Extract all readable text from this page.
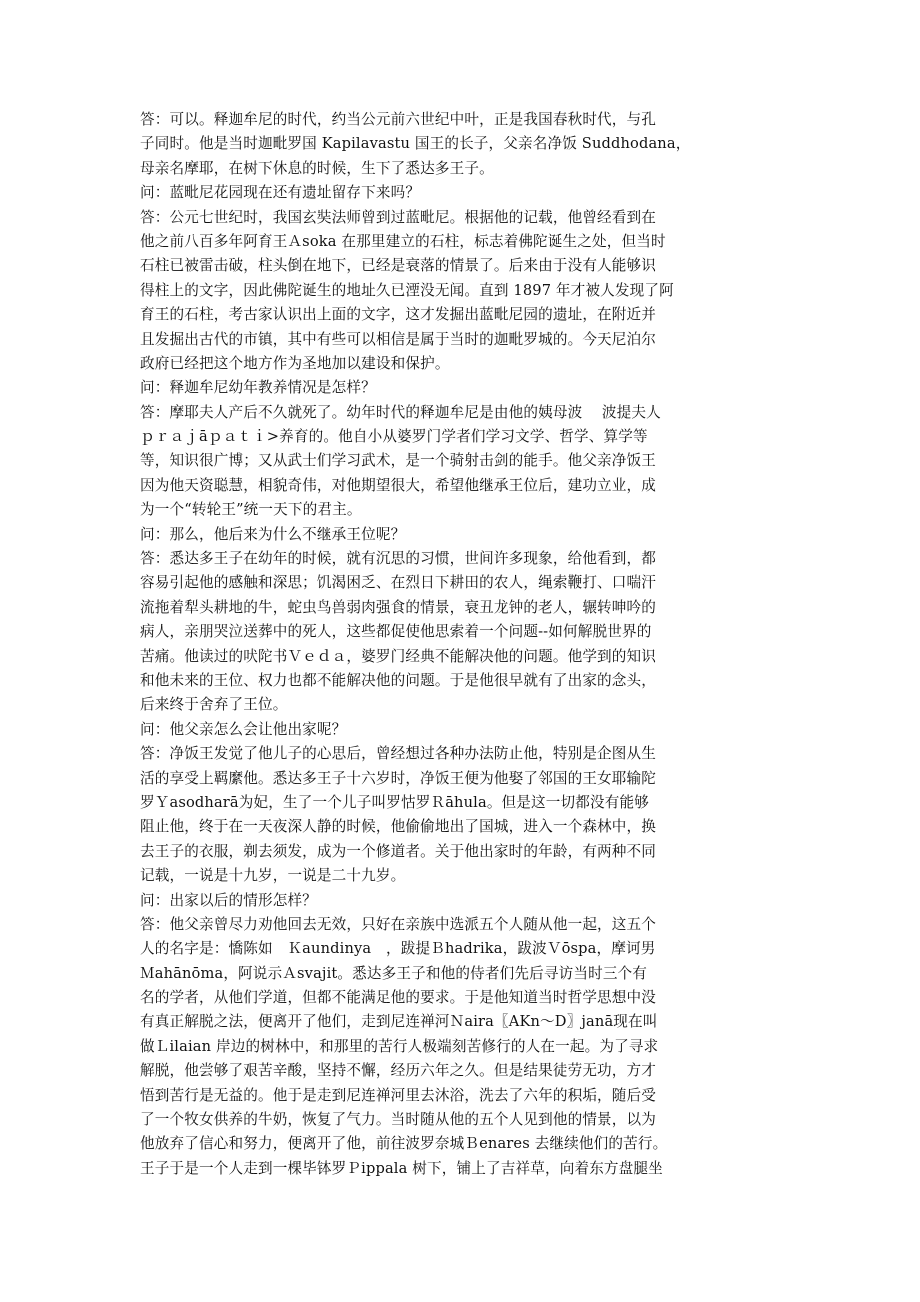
答：可以。释迦牟尼的时代，约当公元前六世纪中叶，正是我国春秋时代，与孔
子同时。他是当时迦毗罗国 Kapilavastu 国王的长子，父亲名净饭 Suddhodana，
母亲名摩耶，在树下休息的时候，生下了悉达多王子。
问：蓝毗尼花园现在还有遗址留存下来吗？
答：公元七世纪时，我国玄奘法师曾到过蓝毗尼。根据他的记载，他曾经看到在
他之前八百多年阿育王Ａsoka 在那里建立的石柱，标志着佛陀诞生之处，但当时
石柱已被雷击破，柱头倒在地下，已经是衰落的情景了。后来由于没有人能够识
得柱上的文字，因此佛陀诞生的地址久已湮没无闻。直到 1897 年才被人发现了阿
育王的石柱，考古家认识出上面的文字，这才发掘出蓝毗尼园的遗址，在附近并
且发掘出古代的市镇，其中有些可以相信是属于当时的迦毗罗城的。今天尼泊尔
政府已经把这个地方作为圣地加以建设和保护。
问：释迦牟尼幼年教养情况是怎样？
答：摩耶夫人产后不久就死了。幼年时代的释迦牟尼是由他的姨母波　 波提夫人
ｐｒａｊāｐａｔｉ>养育的。他自小从婆罗门学者们学习文学、哲学、算学等
等，知识很广博；又从武士们学习武术，是一个骑射击剑的能手。他父亲净饭王
因为他天资聪慧，相貌奇伟，对他期望很大，希望他继承王位后，建功立业，成
为一个“转轮王”统一天下的君主。
问：那么，他后来为什么不继承王位呢？
答：悉达多王子在幼年的时候，就有沉思的习惯，世间许多现象，给他看到，都
容易引起他的感触和深思；饥渴困乏、在烈日下耕田的农人，绳索鞭打、口喘汗
流拖着犁头耕地的牛，蛇虫鸟兽弱肉强食的情景，衰丑龙钟的老人，辗转呻吟的
病人，亲朋哭泣送葬中的死人，这些都促使他思索着一个问题--如何解脱世界的
苦痛。他读过的吠陀书Ｖｅｄａ，婆罗门经典不能解决他的问题。他学到的知识
和他未来的王位、权力也都不能解决他的问题。于是他很早就有了出家的念头，
后来终于舍弃了王位。
问：他父亲怎么会让他出家呢？
答：净饭王发觉了他儿子的心思后，曾经想过各种办法防止他，特别是企图从生
活的享受上羁縻他。悉达多王子十六岁时，净饭王便为他娶了邻国的王女耶输陀
罗Ｙasodharā为妃，生了一个儿子叫罗怙罗Ｒāhula。但是这一切都没有能够
阻止他，终于在一天夜深人静的时候，他偷偷地出了国城，进入一个森林中，换
去王子的衣服，剃去须发，成为一个修道者。关于他出家时的年龄，有两种不同
记载，一说是十九岁，一说是二十九岁。
问：出家以后的情形怎样？
答：他父亲曾尽力劝他回去无效，只好在亲族中选派五个人随从他一起，这五个
人的名字是：憍陈如　Ｋaundinya　，跋提Ｂhadrika，跋波Ｖōspa，摩诃男
Ｍahānōma，阿说示Ａsvajit。悉达多王子和他的侍者们先后寻访当时三个有
名的学者，从他们学道，但都不能满足他的要求。于是他知道当时哲学思想中没
有真正解脱之法，便离开了他们，走到尼连禅河Ｎaira〖AKn～D〗janā现在叫
做Ｌilaian 岸边的树林中，和那里的苦行人极端刻苦修行的人在一起。为了寻求
解脱，他尝够了艰苦辛酸，坚持不懈，经历六年之久。但是结果徒劳无功，方才
悟到苦行是无益的。他于是走到尼连禅河里去沐浴，洗去了六年的积垢，随后受
了一个牧女供养的牛奶，恢复了气力。当时随从他的五个人见到他的情景，以为
他放弃了信心和努力，便离开了他，前往波罗奈城Ｂenares 去继续他们的苦行。
王子于是一个人走到一棵毕钵罗Ｐippala 树下，铺上了吉祥草，向着东方盘腿坐
